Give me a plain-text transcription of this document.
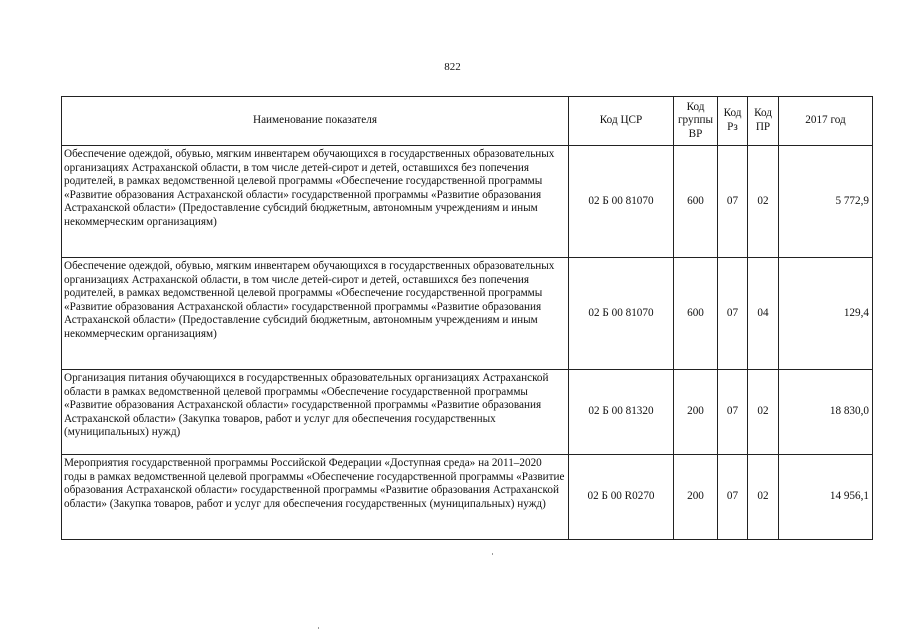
822
Наименование показателя	Код ЦСР	Код группы ВР	Код Рз	Код ПР	2017 год
Обеспечение одеждой, обувью, мягким инвентарем обучающихся в государственных образовательных организациях Астраханской области, в том числе детей-сирот и детей, оставшихся без попечения родителей, в рамках ведомственной целевой программы «Обеспечение государственной программы «Развитие образования Астраханской области» государственной программы «Развитие образования Астраханской области» (Предоставление субсидий бюджетным, автономным учреждениям и иным некоммерческим организациям)	02 Б 00 81070	600	07	02	5 772,9
Обеспечение одеждой, обувью, мягким инвентарем обучающихся в государственных образовательных организациях Астраханской области, в том числе детей-сирот и детей, оставшихся без попечения родителей, в рамках ведомственной целевой программы «Обеспечение государственной программы «Развитие образования Астраханской области» государственной программы «Развитие образования Астраханской области» (Предоставление субсидий бюджетным, автономным учреждениям и иным некоммерческим организациям)	02 Б 00 81070	600	07	04	129,4
Организация питания обучающихся в государственных образовательных организациях Астраханской области в рамках ведомственной целевой программы «Обеспечение государственной программы «Развитие образования Астраханской области» государственной программы «Развитие образования Астраханской области» (Закупка товаров, работ и услуг для обеспечения государственных (муниципальных) нужд)	02 Б 00 81320	200	07	02	18 830,0
Мероприятия государственной программы Российской Федерации «Доступная среда» на 2011–2020 годы в рамках ведомственной целевой программы «Обеспечение государственной программы «Развитие образования Астраханской области» государственной программы «Развитие образования Астраханской области» (Закупка товаров, работ и услуг для обеспечения государственных (муниципальных) нужд)	02 Б 00 R0270	200	07	02	14 956,1
